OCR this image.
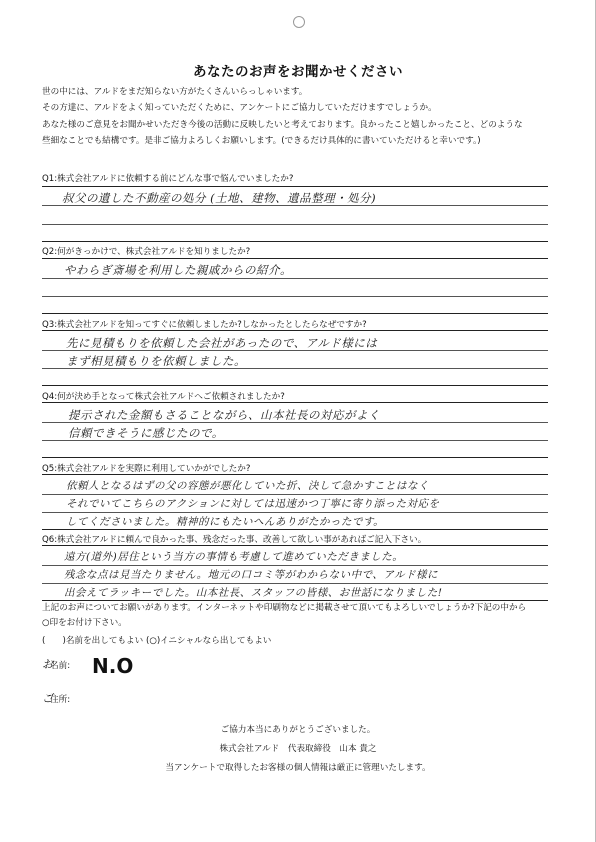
あなたのお声をお聞かせください
世の中には、アルドをまだ知らない方がたくさんいらっしゃいます。
その方達に、アルドをよく知っていただくために、アンケートにご協力していただけますでしょうか。
あなた様のご意見をお聞かせいただき今後の活動に反映したいと考えております。良かったこと嬉しかったこと、どのような
些細なことでも結構です。是非ご協力よろしくお願いします。(できるだけ具体的に書いていただけると幸いです。)
Q1:株式会社アルドに依頼する前にどんな事で悩んでいましたか?
叔父の遺した不動産の処分 (土地、建物、遺品整理・処分)
Q2:何がきっかけで、株式会社アルドを知りましたか?
やわらぎ斎場を利用した親戚からの紹介。
Q3:株式会社アルドを知ってすぐに依頼しましたか?しなかったとしたらなぜですか?
先に見積もりを依頼した会社があったので、アルド様には
まず相見積もりを依頼しました。
Q4:何が決め手となって株式会社アルドへご依頼されましたか?
提示された金額もさることながら、山本社長の対応がよく
信頼できそうに感じたので。
Q5:株式会社アルドを実際に利用していかがでしたか?
依頼人となるはずの父の容態が悪化していた折、決して急かすことはなく
それでいてこちらのアクションに対しては迅速かつ丁寧に寄り添った対応を
してくださいました。精神的にもたいへんありがたかったです。
Q6:株式会社アルドに頼んで良かった事、残念だった事、改善して欲しい事があればご記入下さい。
遠方(道外)居住という当方の事情も考慮して進めていただきました。
残念な点は見当たりません。地元の口コミ等がわからない中で、アルド様に
出会えてラッキーでした。山本社長、スタッフの皆様、お世話になりました!
上記のお声についてお願いがあります。インターネットや印刷物などに掲載させて頂いてもよろしいでしょうか?下記の中から
○印をお付け下さい。
(　　)名前を出してもよい (○)イニシャルなら出してもよい
お名前: N.O
ご住所:
ご協力本当にありがとうございました。
株式会社アルド　代表取締役　山本 貴之
当アンケートで取得したお客様の個人情報は厳正に管理いたします。
